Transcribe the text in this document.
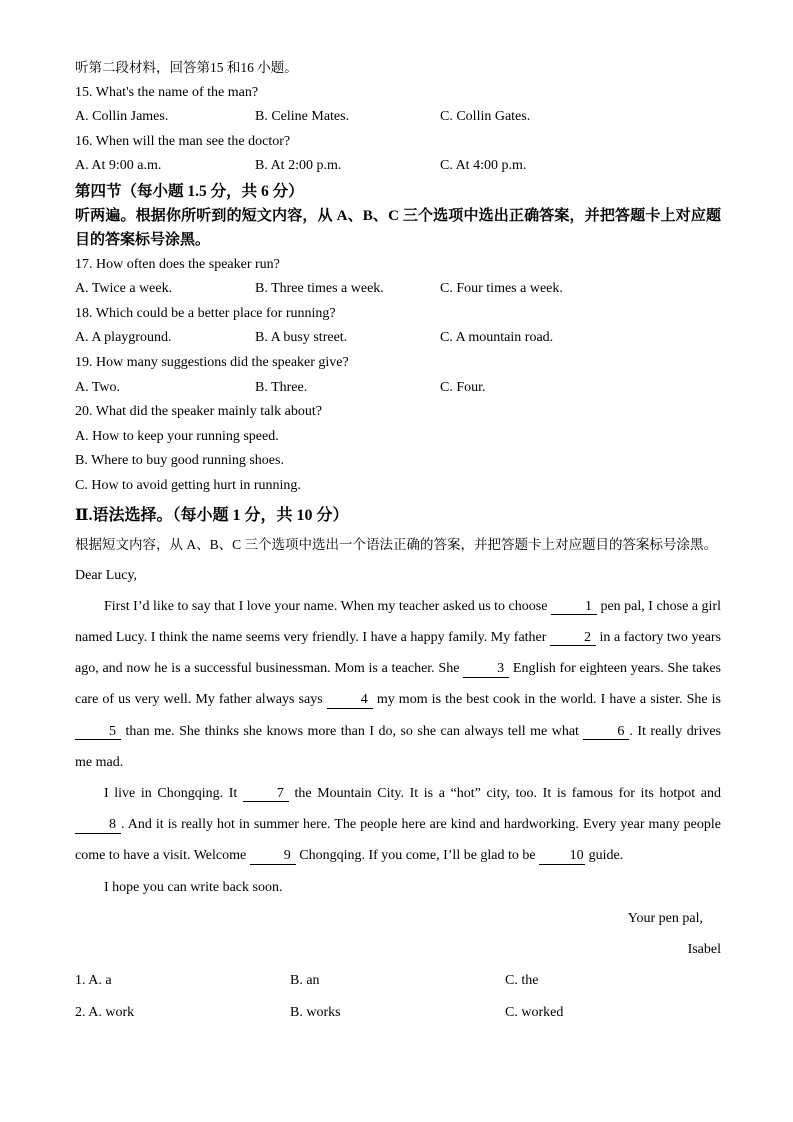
听第二段材料，回答第15 和16 小题。
15. What's the name of the man?
A. Collin James.	B. Celine Mates.	C. Collin Gates.
16. When will the man see the doctor?
A. At 9:00 a.m.	B. At 2:00 p.m.	C. At 4:00 p.m.
第四节（每小题 1.5 分，共 6 分）
听两遍。根据你所听到的短文内容，从 A、B、C 三个选项中选出正确答案，并把答题卡上对应题目的答案标号涂黑。
17. How often does the speaker run?
A. Twice a week.	B. Three times a week.	C. Four times a week.
18. Which could be a better place for running?
A. A playground.	B. A busy street.	C. A mountain road.
19. How many suggestions did the speaker give?
A. Two.	B. Three.	C. Four.
20. What did the speaker mainly talk about?
A. How to keep your running speed.
B. Where to buy good running shoes.
C. How to avoid getting hurt in running.
Ⅱ.语法选择。（每小题 1 分，共 10 分）
根据短文内容，从 A、B、C 三个选项中选出一个语法正确的答案，并把答题卡上对应题目的答案标号涂黑。
Dear Lucy,
First I’d like to say that I love your name. When my teacher asked us to choose 1 pen pal, I chose a girl named Lucy. I think the name seems very friendly. I have a happy family. My father 2 in a factory two years ago, and now he is a successful businessman. Mom is a teacher. She 3 English for eighteen years. She takes care of us very well. My father always says 4 my mom is the best cook in the world. I have a sister. She is 5 than me. She thinks she knows more than I do, so she can always tell me what 6 . It really drives me mad.
I live in Chongqing. It 7 the Mountain City. It is a “hot” city, too. It is famous for its hotpot and 8 . And it is really hot in summer here. The people here are kind and hardworking. Every year many people come to have a visit. Welcome 9 Chongqing. If you come, I’ll be glad to be 10 guide.
I hope you can write back soon.
Your pen pal,
Isabel
1. A. a	B. an	C. the
2. A. work	B. works	C. worked
